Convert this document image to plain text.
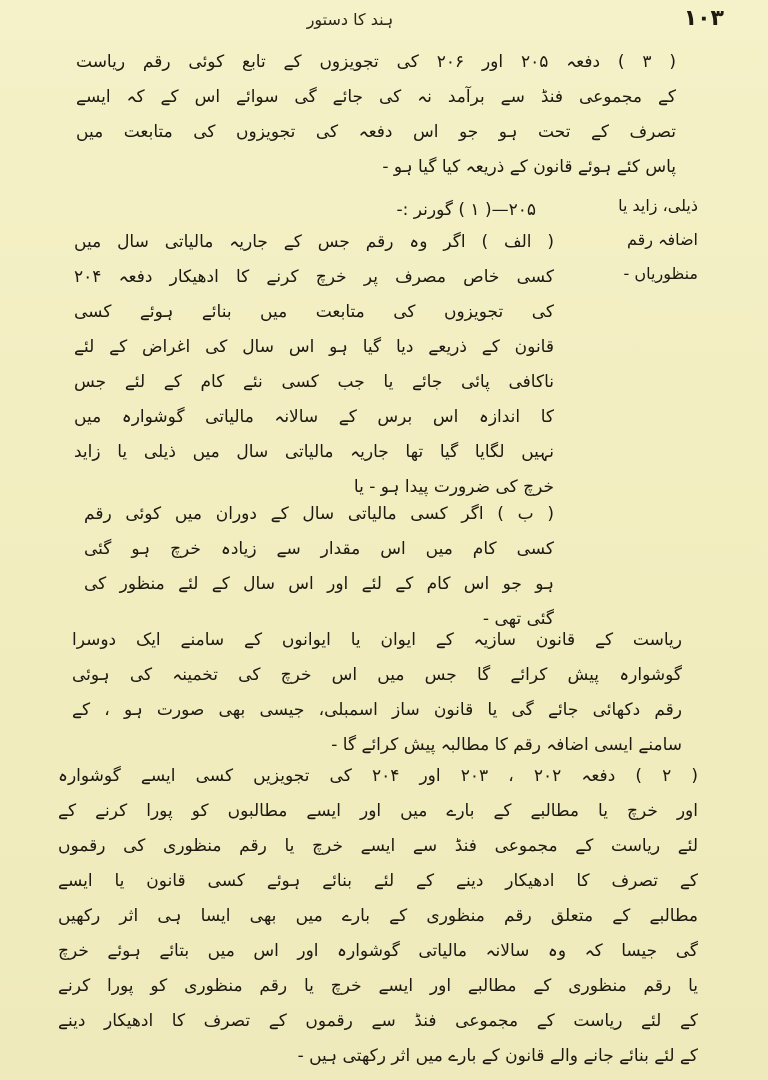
ہند کا دستور	۱۰۳
( ۳ ) دفعہ ۲۰۵ اور ۲۰۶ کی تجویزوں کے تابع کوئی رقم ریاست
کے مجموعی فنڈ سے برآمد نہ کی جائے گی سوائے اس کے کہ ایسے
تصرف کے تحت ہو جو اس دفعہ کی تجویزوں کی متابعت میں
پاس کئے ہوئے قانون کے ذریعہ کیا گیا ہو -
ذیلی، زاید یا
اضافہ رقم
منظوریاں -
۲۰۵—( ۱ ) گورنر :-
( الف ) اگر وہ رقم جس کے جاریہ مالیاتی سال میں
کسی خاص مصرف پر خرچ کرنے کا ادھیکار دفعہ ۲۰۴
کی تجویزوں کی متابعت میں بنائے ہوئے کسی
قانون کے ذریعے دیا گیا ہو اس سال کی اغراض کے لئے
ناکافی پائی جائے یا جب کسی نئے کام کے لئے جس
کا اندازہ اس برس کے سالانہ مالیاتی گوشوارہ میں
نہیں لگایا گیا تھا جاریہ مالیاتی سال میں ذیلی یا زاید
خرچ کی ضرورت پیدا ہو - یا
( ب ) اگر کسی مالیاتی سال کے دوران میں کوئی رقم
کسی کام میں اس مقدار سے زیادہ خرچ ہو گئی
ہو جو اس کام کے لئے اور اس سال کے لئے منظور کی
گئی تھی -
ریاست کے قانون سازیہ کے ایوان یا ایوانوں کے سامنے ایک دوسرا
گوشوارہ پیش کرائے گا جس میں اس خرچ کی تخمینہ کی ہوئی
رقم دکھائی جائے گی یا قانون ساز اسمبلی، جیسی بھی صورت ہو ، کے
سامنے ایسی اضافہ رقم کا مطالبہ پیش کرائے گا -
( ۲ ) دفعہ ۲۰۲ ، ۲۰۳ اور ۲۰۴ کی تجویزیں کسی ایسے گوشوارہ
اور خرچ یا مطالبے کے بارے میں اور ایسے مطالبوں کو پورا کرنے کے
لئے ریاست کے مجموعی فنڈ سے ایسے خرچ یا رقم منظوری کی رقموں
کے تصرف کا ادھیکار دینے کے لئے بنائے ہوئے کسی قانون یا ایسے
مطالبے کے متعلق رقم منظوری کے بارے میں بھی ایسا ہی اثر رکھیں
گی جیسا کہ وہ سالانہ مالیاتی گوشوارہ اور اس میں بتائے ہوئے خرچ
یا رقم منظوری کے مطالبے اور ایسے خرچ یا رقم منظوری کو پورا کرنے
کے لئے ریاست کے مجموعی فنڈ سے رقموں کے تصرف کا ادھیکار دینے
کے لئے بنائے جانے والے قانون کے بارے میں اثر رکھتی ہیں -
